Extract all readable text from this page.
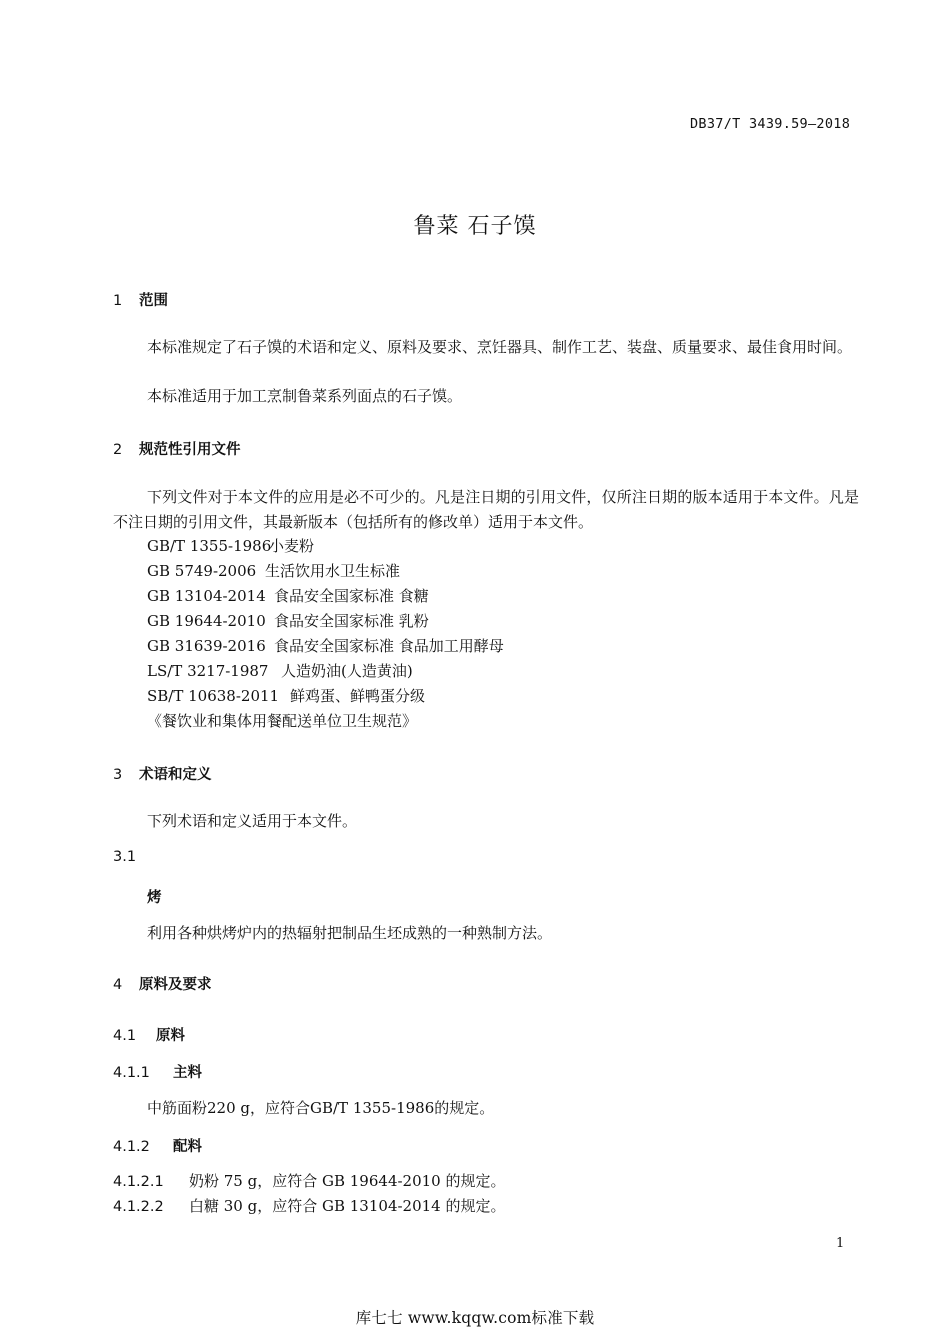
DB37/T 3439.59—2018
鲁菜 石子馍
1 范围
本标准规定了石子馍的术语和定义、原料及要求、烹饪器具、制作工艺、装盘、质量要求、最佳食用时间。
本标准适用于加工烹制鲁菜系列面点的石子馍。
2 规范性引用文件
下列文件对于本文件的应用是必不可少的。凡是注日期的引用文件，仅所注日期的版本适用于本文件。凡是不注日期的引用文件，其最新版本（包括所有的修改单）适用于本文件。
GB/T 1355-1986小麦粉
GB 5749-2006 生活饮用水卫生标准
GB 13104-2014 食品安全国家标准 食糖
GB 19644-2010 食品安全国家标准 乳粉
GB 31639-2016 食品安全国家标准 食品加工用酵母
LS/T 3217-1987 人造奶油(人造黄油)
SB/T 10638-2011 鲜鸡蛋、鲜鸭蛋分级
《餐饮业和集体用餐配送单位卫生规范》
3 术语和定义
下列术语和定义适用于本文件。
3.1
烤
利用各种烘烤炉内的热辐射把制品生坯成熟的一种熟制方法。
4 原料及要求
4.1 原料
4.1.1 主料
中筋面粉220 g，应符合GB/T 1355-1986的规定。
4.1.2 配料
4.1.2.1 奶粉 75 g，应符合 GB 19644-2010 的规定。
4.1.2.2 白糖 30 g，应符合 GB 13104-2014 的规定。
1
库七七 www.kqqw.com标准下载
